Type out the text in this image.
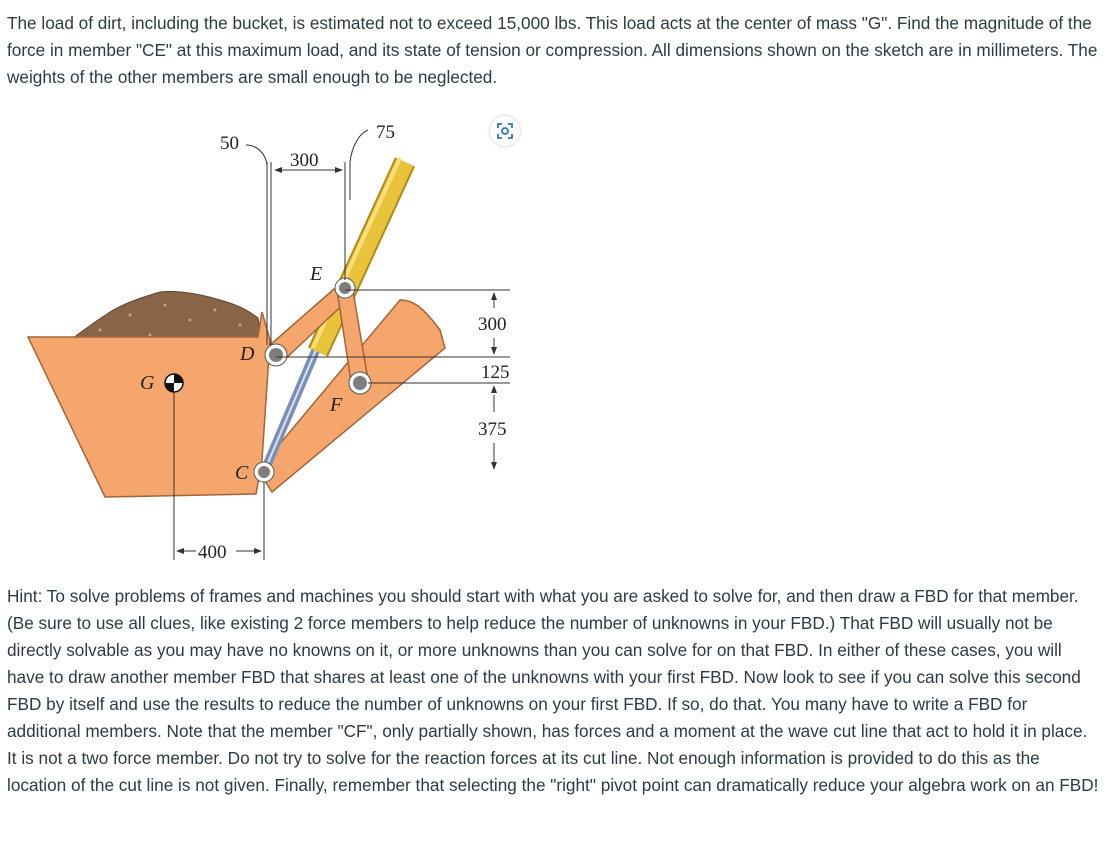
The load of dirt, including the bucket, is estimated not to exceed 15,000 lbs. This load acts at the center of mass "G". Find the magnitude of the force in member "CE" at this maximum load, and its state of tension or compression. All dimensions shown on the sketch are in millimeters. The weights of the other members are small enough to be neglected.

50
300
75
300
125
375
400
E
D
G
F
C

Hint: To solve problems of frames and machines you should start with what you are asked to solve for, and then draw a FBD for that member. (Be sure to use all clues, like existing 2 force members to help reduce the number of unknowns in your FBD.) That FBD will usually not be directly solvable as you may have no knowns on it, or more unknowns than you can solve for on that FBD. In either of these cases, you will have to draw another member FBD that shares at least one of the unknowns with your first FBD. Now look to see if you can solve this second FBD by itself and use the results to reduce the number of unknowns on your first FBD. If so, do that. You many have to write a FBD for additional members. Note that the member "CF", only partially shown, has forces and a moment at the wave cut line that act to hold it in place. It is not a two force member. Do not try to solve for the reaction forces at its cut line. Not enough information is provided to do this as the location of the cut line is not given. Finally, remember that selecting the "right" pivot point can dramatically reduce your algebra work on an FBD!
